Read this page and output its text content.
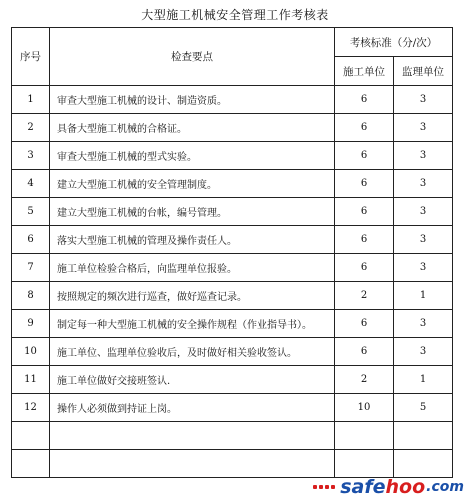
大型施工机械安全管理工作考核表
序号	检查要点	考核标准（分/次）	
		施工单位	监理单位
1	审查大型施工机械的设计、制造资质。	6	3
2	具备大型施工机械的合格证。	6	3
3	审查大型施工机械的型式实验。	6	3
4	建立大型施工机械的安全管理制度。	6	3
5	建立大型施工机械的台帐，编号管理。	6	3
6	落实大型施工机械的管理及操作责任人。	6	3
7	施工单位检验合格后，向监理单位报验。	6	3
8	按照规定的频次进行巡查，做好巡查记录。	2	1
9	制定每一种大型施工机械的安全操作规程（作业指导书）。	6	3
10	施工单位、监理单位验收后，及时做好相关验收签认。	6	3
11	施工单位做好交接班签认.	2	1
12	操作人必须做到持证上岗。	10	5

safe hoo .com
